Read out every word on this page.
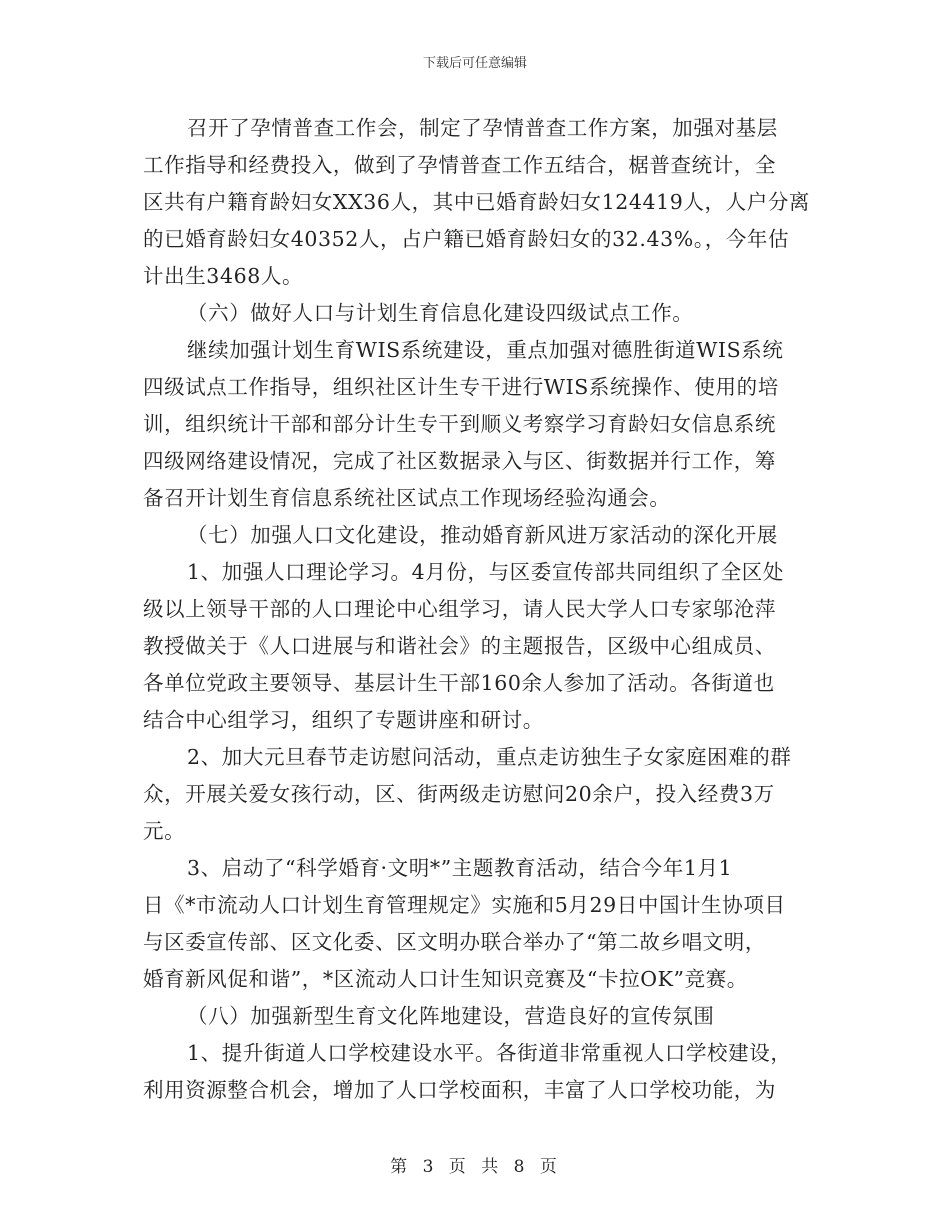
下载后可任意编辑
召开了孕情普查工作会，制定了孕情普查工作方案，加强对基层
工作指导和经费投入，做到了孕情普查工作五结合，椐普查统计，全
区共有户籍育龄妇女XX36人，其中已婚育龄妇女124419人，人户分离
的已婚育龄妇女40352人，占户籍已婚育龄妇女的32.43%。，今年估
计出生3468人。
（六）做好人口与计划生育信息化建设四级试点工作。
继续加强计划生育WIS系统建设，重点加强对德胜街道WIS系统
四级试点工作指导，组织社区计生专干进行WIS系统操作、使用的培
训，组织统计干部和部分计生专干到顺义考察学习育龄妇女信息系统
四级网络建设情况，完成了社区数据录入与区、街数据并行工作，筹
备召开计划生育信息系统社区试点工作现场经验沟通会。
（七）加强人口文化建设，推动婚育新风进万家活动的深化开展
1、加强人口理论学习。4月份，与区委宣传部共同组织了全区处
级以上领导干部的人口理论中心组学习，请人民大学人口专家邬沧萍
教授做关于《人口进展与和谐社会》的主题报告，区级中心组成员、
各单位党政主要领导、基层计生干部160余人参加了活动。各街道也
结合中心组学习，组织了专题讲座和研讨。
2、加大元旦春节走访慰问活动，重点走访独生子女家庭困难的群
众，开展关爱女孩行动，区、街两级走访慰问20余户，投入经费3万
元。
3、启动了“科学婚育·文明*”主题教育活动，结合今年1月1
日《*市流动人口计划生育管理规定》实施和5月29日中国计生协项目
与区委宣传部、区文化委、区文明办联合举办了“第二故乡唱文明，
婚育新风促和谐”，*区流动人口计生知识竞赛及“卡拉OK”竞赛。
（八）加强新型生育文化阵地建设，营造良好的宣传氛围
1、提升街道人口学校建设水平。各街道非常重视人口学校建设，
利用资源整合机会，增加了人口学校面积，丰富了人口学校功能，为
第 3 页 共 8 页
